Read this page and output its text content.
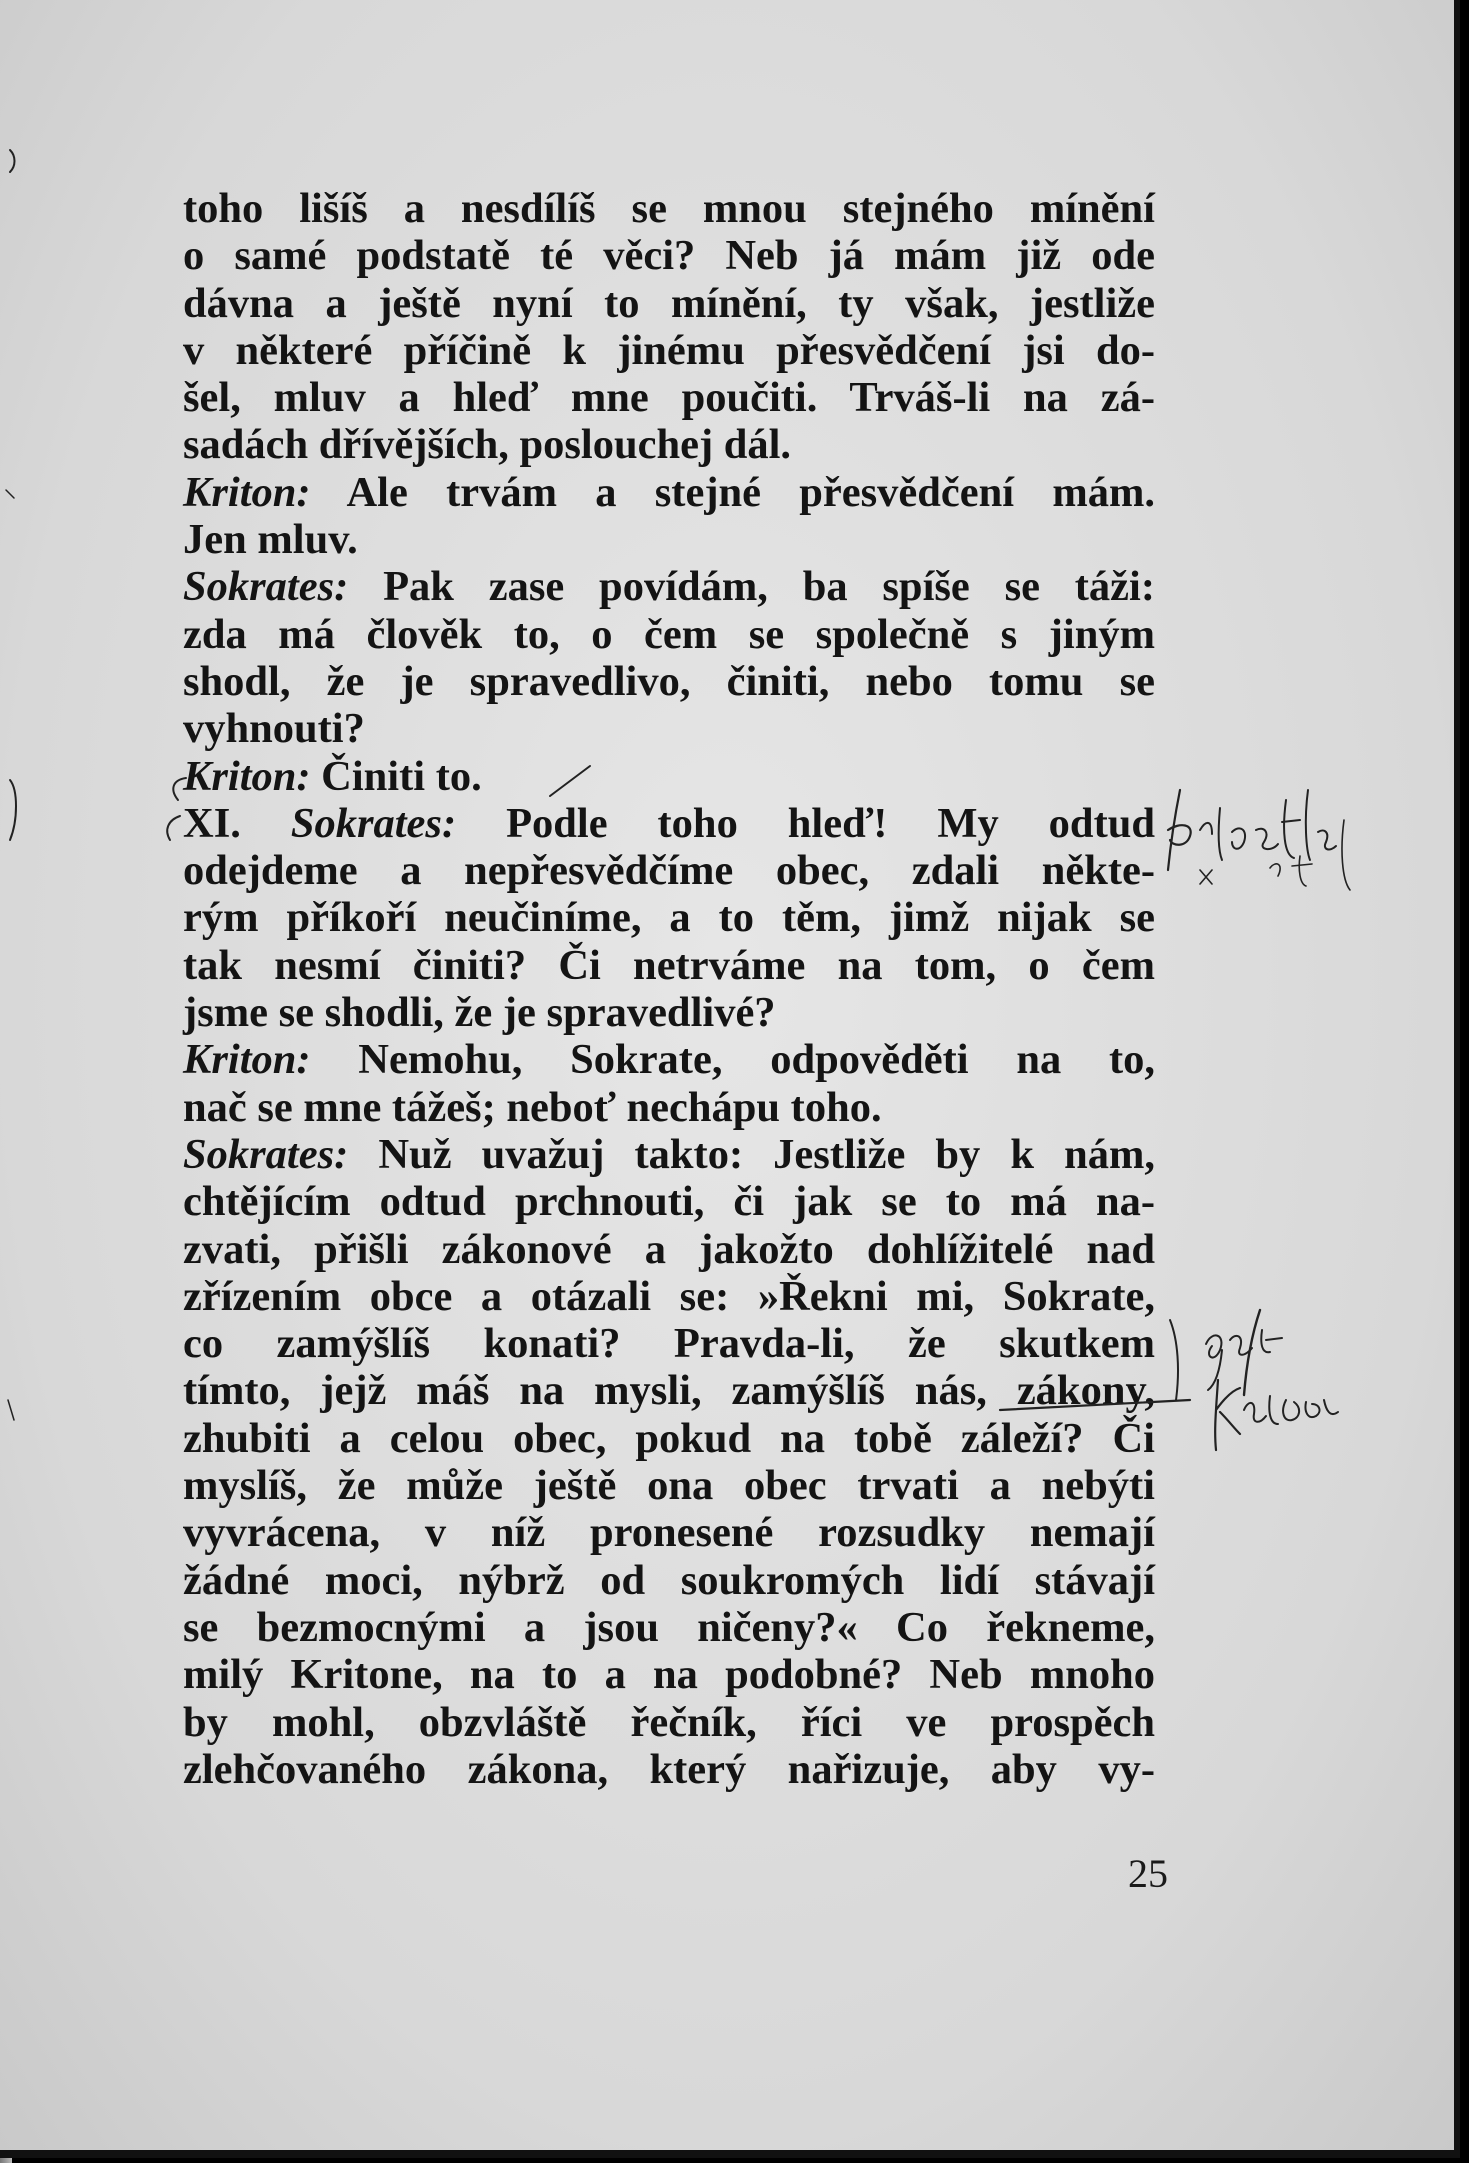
toho lišíš a nesdílíš se mnou stejného mínění
o samé podstatě té věci? Neb já mám již ode
dávna a ještě nyní to mínění, ty však, jestliže
v některé příčině k jinému přesvědčení jsi do-
šel, mluv a hleď mne poučiti. Trváš-li na zá-
sadách dřívějších, poslouchej dál.
Kriton: Ale trvám a stejné přesvědčení mám.
Jen mluv.
Sokrates: Pak zase povídám, ba spíše se táži:
zda má člověk to, o čem se společně s jiným
shodl, že je spravedlivo, činiti, nebo tomu se
vyhnouti?
Kriton: Činiti to.
XI. Sokrates: Podle toho hleď! My odtud
odejdeme a nepřesvědčíme obec, zdali někte-
rým příkoří neučiníme, a to těm, jimž nijak se
tak nesmí činiti? Či netrváme na tom, o čem
jsme se shodli, že je spravedlivé?
Kriton: Nemohu, Sokrate, odpověděti na to,
nač se mne tážeš; neboť nechápu toho.
Sokrates: Nuž uvažuj takto: Jestliže by k nám,
chtějícím odtud prchnouti, či jak se to má na-
zvati, přišli zákonové a jakožto dohlížitelé nad
zřízením obce a otázali se: »Řekni mi, Sokrate,
co zamýšlíš konati? Pravda-li, že skutkem
tímto, jejž máš na mysli, zamýšlíš nás, zákony,
zhubiti a celou obec, pokud na tobě záleží? Či
myslíš, že může ještě ona obec trvati a nebýti
vyvrácena, v níž pronesené rozsudky nemají
žádné moci, nýbrž od soukromých lidí stávají
se bezmocnými a jsou ničeny?« Co řekneme,
milý Kritone, na to a na podobné? Neb mnoho
by mohl, obzvláště řečník, říci ve prospěch
zlehčovaného zákona, který nařizuje, aby vy-
25
